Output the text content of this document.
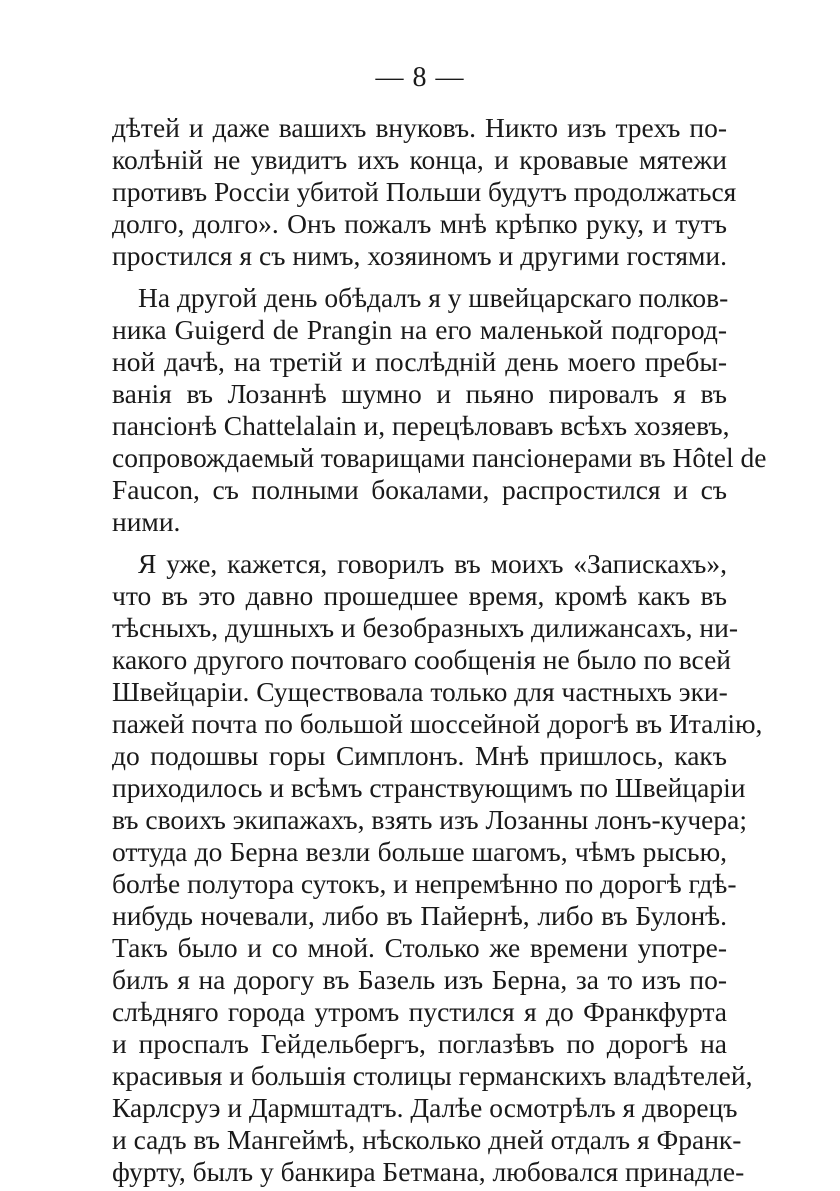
— 8 —

дѣтей и даже вашихъ внуковъ. Никто изъ трехъ по-

колѣній не увидитъ ихъ конца, и кровавые мятежи

противъ Россіи убитой Польши будутъ продолжаться

долго, долго». Онъ пожалъ мнѣ крѣпко руку, и тутъ

простился я съ нимъ, хозяиномъ и другими гостями.

На другой день обѣдалъ я у швейцарскаго полков-

ника Guigerd de Prangin на его маленькой подгород-

ной дачѣ, на третій и послѣдній день моего пребы-

ванія въ Лозаннѣ шумно и пьяно пировалъ я въ

пансіонѣ Chattelalain и, перецѣловавъ всѣхъ хозяевъ,

сопровождаемый товарищами пансіонерами въ Hôtel de

Faucon, съ полными бокалами, распростился и съ

ними.

Я уже, кажется, говорилъ въ моихъ «Запискахъ»,

что въ это давно прошедшее время, кромѣ какъ въ

тѣсныхъ, душныхъ и безобразныхъ дилижансахъ, ни-

какого другого почтоваго сообщенія не было по всей

Швейцаріи. Существовала только для частныхъ эки-

пажей почта по большой шоссейной дорогѣ въ Италію,

до подошвы горы Симплонъ. Мнѣ пришлось, какъ

приходилось и всѣмъ странствующимъ по Швейцаріи

въ своихъ экипажахъ, взять изъ Лозанны лонъ-кучера;

оттуда до Берна везли больше шагомъ, чѣмъ рысью,

болѣе полутора сутокъ, и непремѣнно по дорогѣ гдѣ-

нибудь ночевали, либо въ Пайернѣ, либо въ Булонѣ.

Такъ было и со мной. Столько же времени употре-

билъ я на дорогу въ Базель изъ Берна, за то изъ по-

слѣдняго города утромъ пустился я до Франкфурта

и проспалъ Гейдельбергъ, поглазѣвъ по дорогѣ на

красивыя и большія столицы германскихъ владѣтелей,

Карлсруэ и Дармштадтъ. Далѣе осмотрѣлъ я дворецъ

и садъ въ Мангеймѣ, нѣсколько дней отдалъ я Франк-

фурту, былъ у банкира Бетмана, любовался принадле-
